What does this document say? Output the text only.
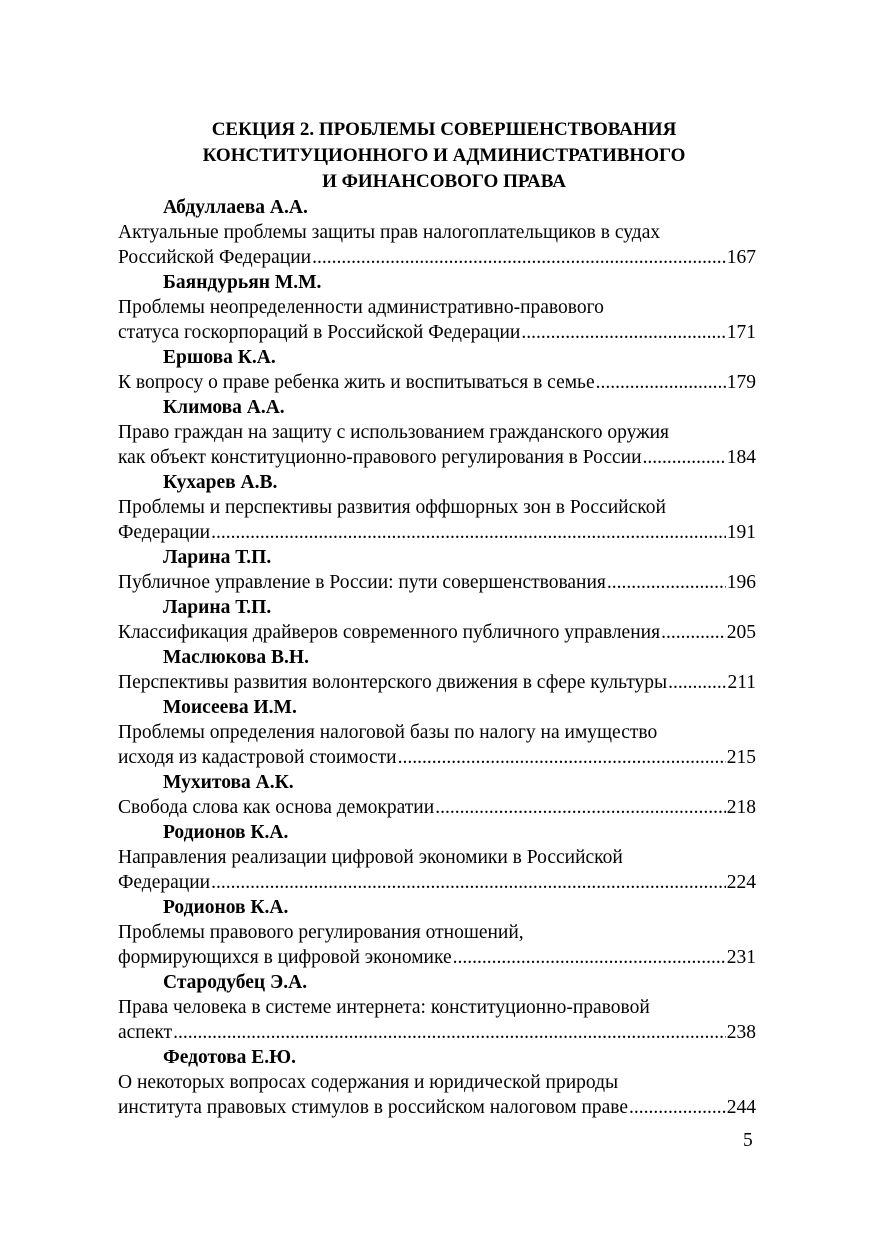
СЕКЦИЯ 2. ПРОБЛЕМЫ СОВЕРШЕНСТВОВАНИЯ
КОНСТИТУЦИОННОГО И АДМИНИСТРАТИВНОГО
И ФИНАНСОВОГО ПРАВА
Абдуллаева А.А.
Актуальные проблемы защиты прав налогоплательщиков в судах
Российской Федерации .....	167
Баяндурьян М.М.
Проблемы неопределенности административно-правового
статуса госкорпораций в Российской Федерации .....	171
Ершова К.А.
К вопросу о праве ребенка жить и воспитываться в семье .....	179
Климова А.А.
Право граждан на защиту с использованием гражданского оружия
как объект конституционно-правового регулирования в России .....	184
Кухарев А.В.
Проблемы и перспективы развития оффшорных зон в Российской
Федерации .....	191
Ларина Т.П.
Публичное управление в России: пути совершенствования .....	196
Ларина Т.П.
Классификация драйверов современного публичного управления .....	205
Маслюкова В.Н.
Перспективы развития волонтерского движения в сфере культуры .....	211
Моисеева И.М.
Проблемы определения налоговой базы по налогу на имущество
исходя из кадастровой стоимости .....	215
Мухитова А.К.
Свобода слова как основа демократии .....	218
Родионов К.А.
Направления реализации цифровой экономики в Российской
Федерации .....	224
Родионов К.А.
Проблемы правового регулирования отношений,
формирующихся в цифровой экономике .....	231
Стародубец Э.А.
Права человека в системе интернета: конституционно-правовой
аспект .....	238
Федотова Е.Ю.
О некоторых вопросах содержания и юридической природы
института правовых стимулов в российском налоговом праве .....	244
5
